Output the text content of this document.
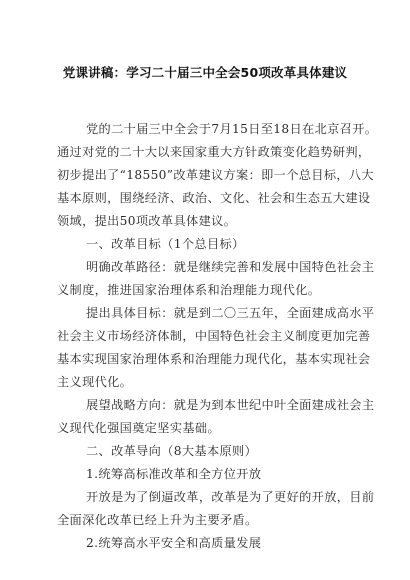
党课讲稿：学习二十届三中全会50项改革具体建议
党的二十届三中全会于7月15日至18日在北京召开。
通过对党的二十大以来国家重大方针政策变化趋势研判，
初步提出了“18550”改革建议方案：即一个总目标，八大
基本原则，围绕经济、政治、文化、社会和生态五大建设
领域，提出50项改革具体建议。
一、改革目标（1个总目标）
明确改革路径：就是继续完善和发展中国特色社会主
义制度，推进国家治理体系和治理能力现代化。
提出具体目标：就是到二〇三五年，全面建成高水平
社会主义市场经济体制，中国特色社会主义制度更加完善
基本实现国家治理体系和治理能力现代化，基本实现社会
主义现代化。
展望战略方向：就是为到本世纪中叶全面建成社会主
义现代化强国奠定坚实基础。
二、改革导向（8大基本原则）
1.统筹高标准改革和全方位开放
开放是为了倒逼改革，改革是为了更好的开放，目前
全面深化改革已经上升为主要矛盾。
2.统筹高水平安全和高质量发展
